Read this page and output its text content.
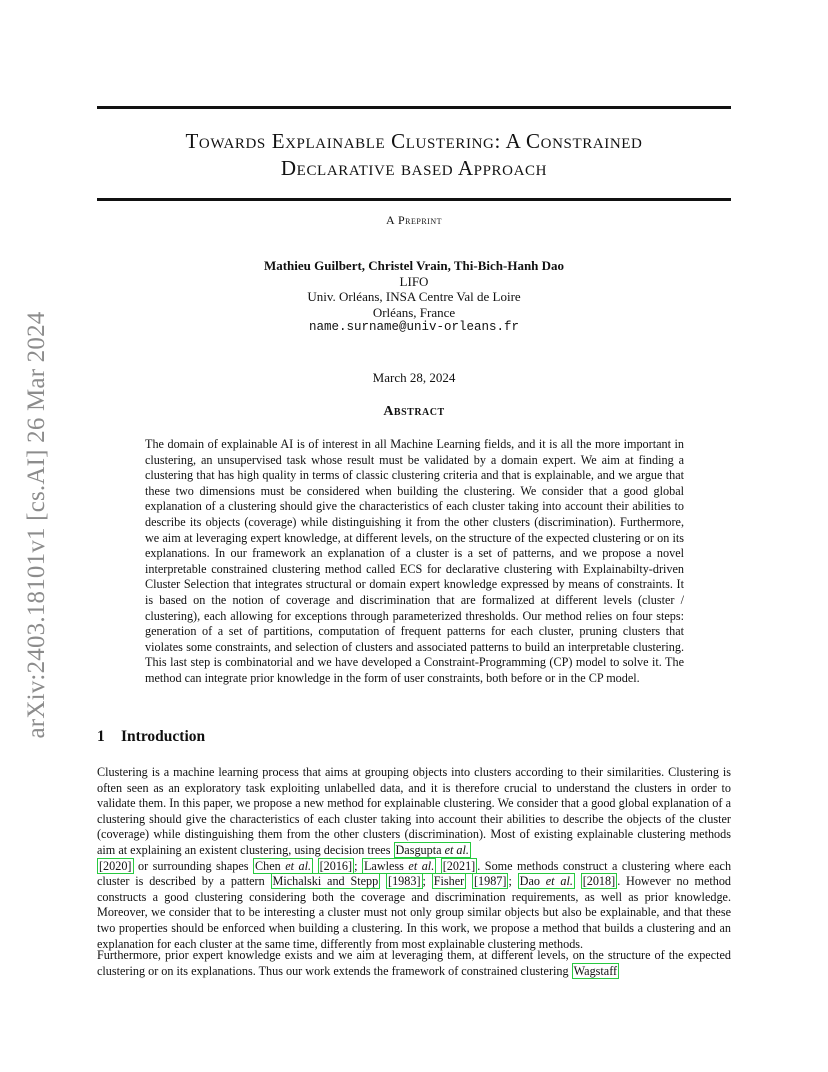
arXiv:2403.18101v1 [cs.AI] 26 Mar 2024
Towards Explainable Clustering: A Constrained
Declarative based Approach
A Preprint
Mathieu Guilbert, Christel Vrain, Thi-Bich-Hanh Dao
LIFO
Univ. Orléans, INSA Centre Val de Loire
Orléans, France
name.surname@univ-orleans.fr
March 28, 2024
Abstract

The domain of explainable AI is of interest in all Machine Learning fields, and it is all the more important in clustering, an unsupervised task whose result must be validated by a domain expert. We aim at finding a clustering that has high quality in terms of classic clustering criteria and that is explainable, and we argue that these two dimensions must be considered when building the clustering. We consider that a good global explanation of a clustering should give the characteristics of each cluster taking into account their abilities to describe its objects (coverage) while distinguishing it from the other clusters (discrimination). Furthermore, we aim at leveraging expert knowledge, at different levels, on the structure of the expected clustering or on its explanations. In our framework an explanation of a cluster is a set of patterns, and we propose a novel interpretable constrained clustering method called ECS for declarative clustering with Explainabilty-driven Cluster Selection that integrates structural or domain expert knowledge expressed by means of constraints. It is based on the notion of coverage and discrimination that are formalized at different levels (cluster / clustering), each allowing for exceptions through parameterized thresholds. Our method relies on four steps: generation of a set of partitions, computation of frequent patterns for each cluster, pruning clusters that violates some constraints, and selection of clusters and associated patterns to build an interpretable clustering. This last step is combinatorial and we have developed a Constraint-Programming (CP) model to solve it. The method can integrate prior knowledge in the form of user constraints, both before or in the CP model.

1 Introduction

Clustering is a machine learning process that aims at grouping objects into clusters according to their similarities. Clustering is often seen as an exploratory task exploiting unlabelled data, and it is therefore crucial to understand the clusters in order to validate them. In this paper, we propose a new method for explainable clustering. We consider that a good global explanation of a clustering should give the characteristics of each cluster taking into account their abilities to describe the objects of the cluster (coverage) while distinguishing them from the other clusters (discrimination). Most of existing explainable clustering methods aim at explaining an existent clustering, using decision trees Dasgupta et al.
[2020] or surrounding shapes Chen et al. [2016] ; Lawless et al. [2021] . Some methods construct a clustering where each cluster is described by a pattern Michalski and Stepp [1983] ; Fisher [1987] ; Dao et al. [2018] . However no method constructs a good clustering considering both the coverage and discrimination requirements, as well as prior knowledge. Moreover, we consider that to be interesting a cluster must not only group similar objects but also be explainable, and that these two properties should be enforced when building a clustering. In this work, we propose a method that builds a clustering and an explanation for each cluster at the same time, differently from most explainable clustering methods.

Furthermore, prior expert knowledge exists and we aim at leveraging them, at different levels, on the structure of the expected clustering or on its explanations. Thus our work extends the framework of constrained clustering Wagstaff
